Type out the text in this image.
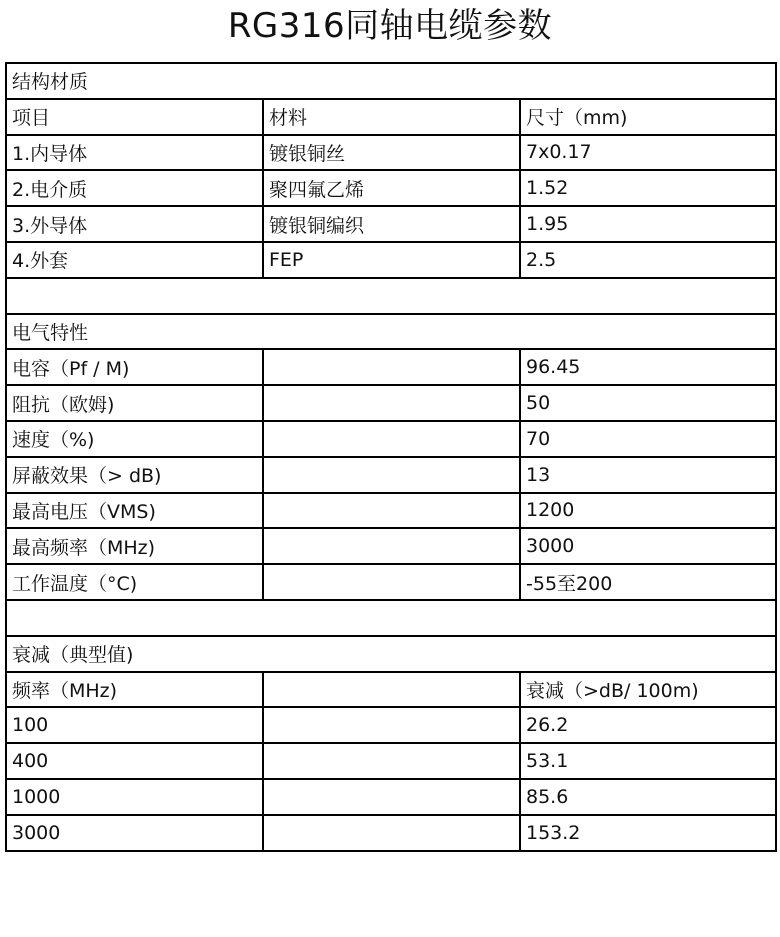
RG316同轴电缆参数
结构材质		
项目	材料	尺寸（mm)
1.内导体	镀银铜丝	7x0.17
2.电介质	聚四氟乙烯	1.52
3.外导体	镀银铜编织	1.95
4.外套	FEP	2.5

电气特性		
电容（Pf / M)		96.45
阻抗（欧姆)		50
速度（%)		70
屏蔽效果（> dB)		13
最高电压（VMS)		1200
最高频率（MHz)		3000
工作温度（°C)		-55至200

衰减（典型值)		
频率（MHz)		衰减（>dB/ 100m)
100		26.2
400		53.1
1000		85.6
3000		153.2
